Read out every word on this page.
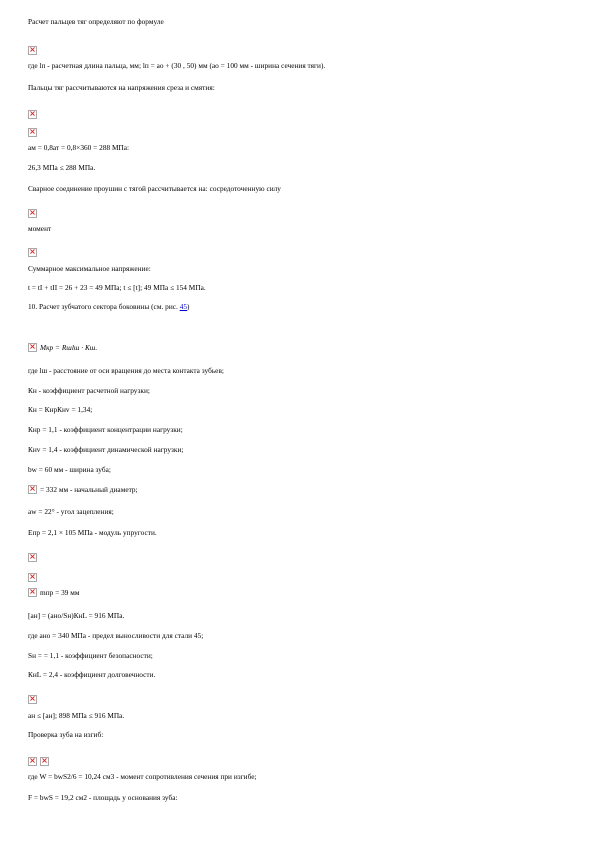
Расчет пальцев тяг определяют по формуле
×
где lп - расчетная длина пальца, мм; lп = ао + (30 , 50) мм (ао = 100 мм - ширина сечения тяги).
Пальцы тяг рассчитываются на напряжения среза и смятия:
×
×
ам = 0,8ат = 0,8×360 = 288 МПа:
26,3 МПа ≤ 288 МПа.
Сварное соединение проушин с тягой рассчитывается на: сосредоточенную силу
×
момент
×
Суммарное максимальное напряжение:
t = tI + tII = 26 + 23 = 49 МПа; t ≤ [t]; 49 МПа ≤ 154 МПа.
10. Расчет зубчатого сектора боковины (см. рис. 45)
×Мкр = Rшlш · Кш.
где lш - расстояние от оси вращения до места контакта зубьев;
Кн - коэффициент расчетной нагрузки;
Кн = КнрКнv = 1,34;
Кнр = 1,1 - коэффициент концентрации нагрузки;
Кнv = 1,4 - коэффициент динамической нагрузки;
bw = 60 мм - ширина зуба;
×= 332 мм - начальный диаметр;
aw = 22° - угол зацепления;
Eпр = 2,1 × 105 МПа - модуль упругости.
×
×
×mпр = 39 мм
[ан] = (ано/Sн)КнL = 916 МПа.
где ано = 340 МПа - предел выносливости для стали 45;
Sн = = 1,1 - коэффициент безопасности;
КнL = 2,4 - коэффициент долговечности.
×
ан ≤ [ан]; 898 МПа ≤ 916 МПа.
Проверка зуба на изгиб:
××
где W = bwS2/6 = 10,24 см3 - момент сопротивления сечения при изгибе;
F = bwS = 19,2 см2 - площадь у основания зуба:
